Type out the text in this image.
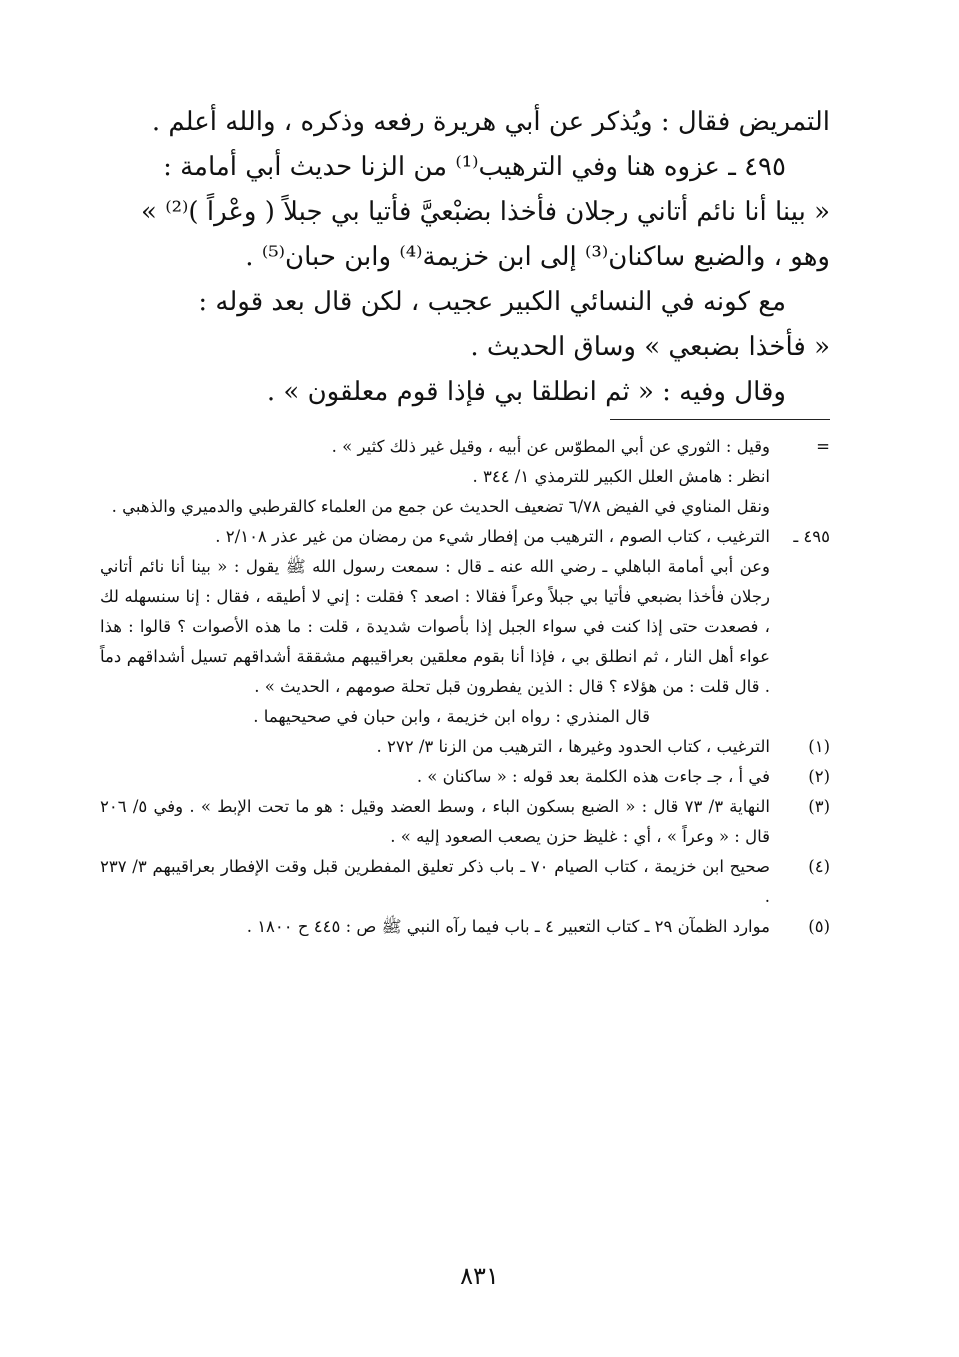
التمريض فقال : ويُذكر عن أبي هريرة رفعه وذكره ، والله أعلم .

٤٩٥ ـ عزوه هنا وفي الترهيب⁽¹⁾ من الزنا حديث أبي أمامة :

« بينا أنا نائم أتاني رجلان فأخذا بضبْعيَّ فأتيا بي جبلاً ( وعْراً )⁽²⁾ »

وهو ، والضبع ساكنان⁽³⁾ إلى ابن خزيمة⁽⁴⁾ وابن حبان⁽⁵⁾ .

مع كونه في النسائي الكبير عجيب ، لكن قال بعد قوله :

« فأخذا بضبعي » وساق الحديث .

وقال وفيه : « ثم انطلقا بي فإذا قوم معلقون » .

=
وقيل : الثوري عن أبي المطوّس عن أبيه ، وقيل غير ذلك كثير » .

انظر : هامش العلل الكبير للترمذي ١/ ٣٤٤ .

ونقل المناوي في الفيض ٦/٧٨ تضعيف الحديث عن جمع من العلماء كالقرطبي والدميري والذهبي .

٤٩٥ ـ
الترغيب ، كتاب الصوم ، الترهيب من إفطار شيء من رمضان من غير عذر ٢/١٠٨ .

وعن أبي أمامة الباهلي ـ رضي الله عنه ـ قال : سمعت رسول الله ﷺ يقول : « بينا أنا نائم أتاني رجلان فأخذا بضبعي فأتيا بي جبلاً وعراً فقالا : اصعد ؟ فقلت : إني لا أطيقه ، فقال : إنا سنسهله لك ، فصعدت حتى إذا كنت في سواء الجبل إذا بأصوات شديدة ، قلت : ما هذه الأصوات ؟ قالوا : هذا عواء أهل النار ، ثم انطلق بي ، فإذا أنا بقوم معلقين بعراقيبهم مشققة أشداقهم تسيل أشداقهم دماً . قال قلت : من هؤلاء ؟ قال : الذين يفطرون قبل تحلة صومهم ، الحديث » .

قال المنذري : رواه ابن خزيمة ، وابن حبان في صحيحيهما .

(١)
الترغيب ، كتاب الحدود وغيرها ، الترهيب من الزنا ٣/ ٢٧٢ .

(٢)
في أ ، جـ جاءت هذه الكلمة بعد قوله : « ساكنان » .

(٣)
النهاية ٣/ ٧٣ قال : « الضبع بسكون الباء ، وسط العضد وقيل : هو ما تحت الإبط » . وفي ٥/ ٢٠٦ قال : « وعراً » ، أي : غليظ حزن يصعب الصعود إليه » .

(٤)
صحيح ابن خزيمة ، كتاب الصيام ٧٠ ـ باب ذكر تعليق المفطرين قبل وقت الإفطار بعراقيبهم ٣/ ٢٣٧ .

(٥)
موارد الظمآن ٢٩ ـ كتاب التعبير ٤ ـ باب فيما رآه النبي ﷺ ص : ٤٤٥ ح ١٨٠٠ .

٨٣١
